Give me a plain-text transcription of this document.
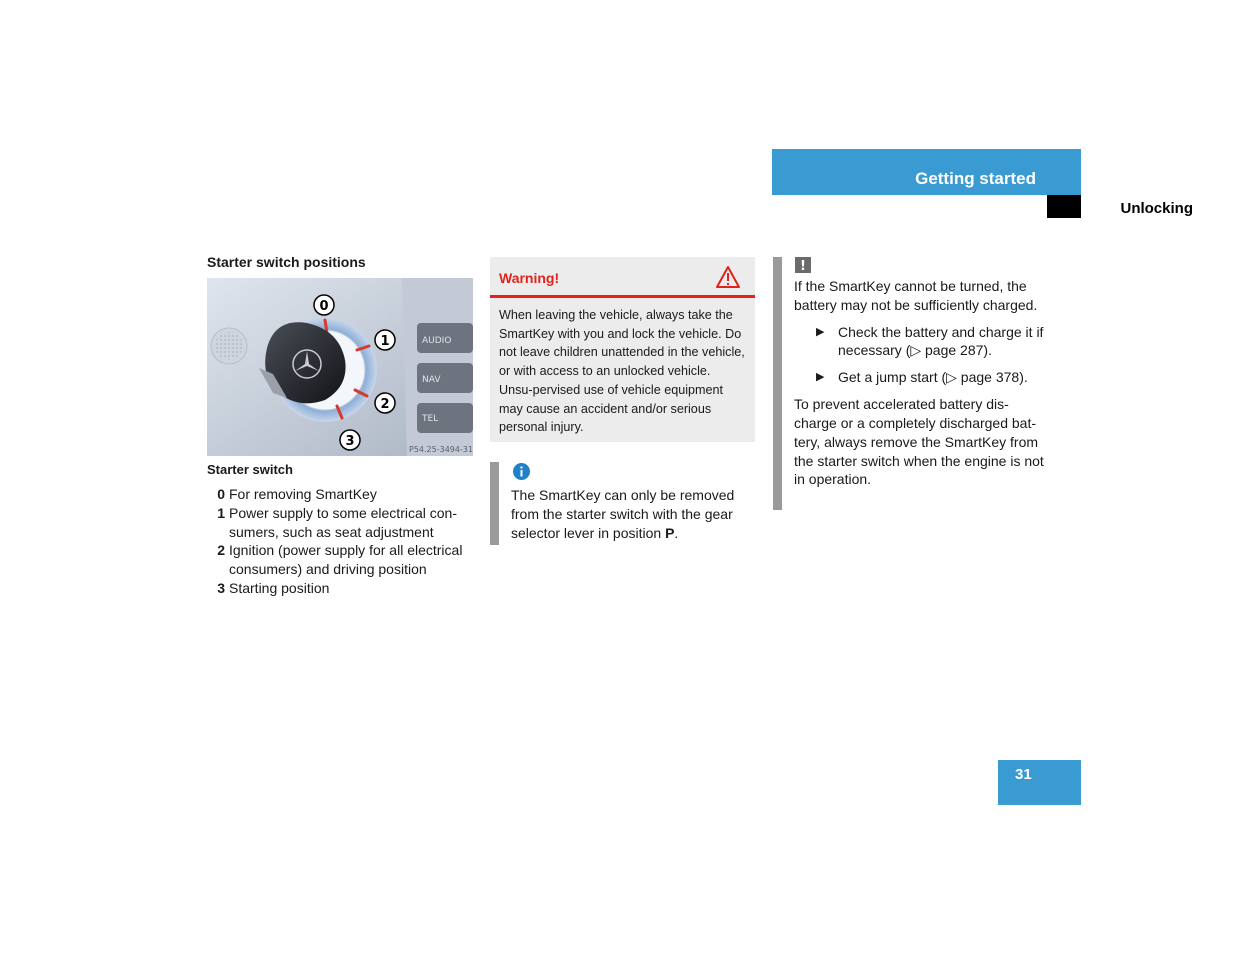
Getting started
Unlocking
Starter switch positions
AUDIO
NAV
TEL
0
1
2
3
P54.25-3494-31
Starter switch
0 For removing SmartKey
1 Power supply to some electrical con-sumers, such as seat adjustment
2 Ignition (power supply for all electrical consumers) and driving position
3 Starting position
Warning!
When leaving the vehicle, always take the SmartKey with you and lock the vehicle. Do not leave children unattended in the vehicle, or with access to an unlocked vehicle. Unsu-pervised use of vehicle equipment may cause an accident and/or serious personal injury.
The SmartKey can only be removed from the starter switch with the gear selector lever in position P.
!

If the SmartKey cannot be turned, the battery may not be sufficiently charged.

▶ Check the battery and charge it if necessary (▷ page 287).
▶ Get a jump start (▷ page 378).

To prevent accelerated battery dis-charge or a completely discharged bat-tery, always remove the SmartKey from the starter switch when the engine is not in operation.

31
